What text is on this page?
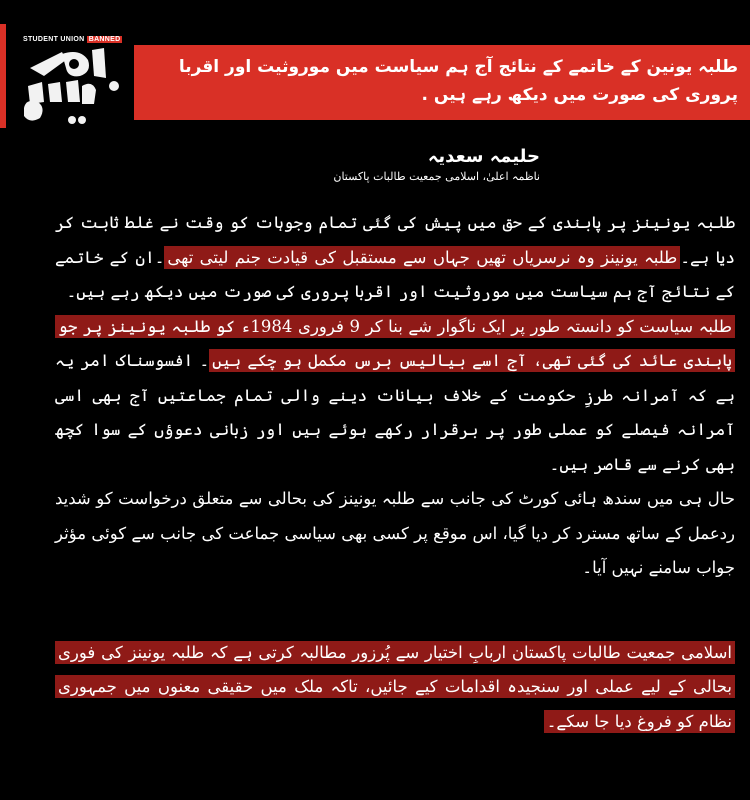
STUDENT UNION BANNED
طلبہ یونین کے خاتمے کے نتائج آج ہم سیاست میں موروثیت اور اقربا پروری کی صورت میں دیکھ رہے ہیں .
حلیمہ سعدیہ
ناظمہ اعلیٰ، اسلامی جمعیت طالبات پاکستان

طلبہ یونینز پر پابندی کے حق میں پیش کی گئی تمام وجوہات کو وقت نے غلط ثابت کر دیا ہے۔طلبہ یونینز وہ نرسریاں تھیں جہاں سے مستقبل کی قیادت جنم لیتی تھی۔ان کے خاتمے کے نتائج آج ہم سیاست میں موروثیت اور اقربا پروری کی صورت میں دیکھ رہے ہیں۔

طلبہ سیاست کو دانستہ طور پر ایک ناگوار شے بنا کر 9 فروری 1984ء کو طلبہ یونینز پر جو پابندی عائد کی گئی تھی، آج اسے بیالیس برس مکمل ہو چکے ہیں۔ افسوسناک امر یہ ہے کہ آمرانہ طرزِ حکومت کے خلاف بیانات دینے والی تمام جماعتیں آج بھی اسی آمرانہ فیصلے کو عملی طور پر برقرار رکھے ہوئے ہیں اور زبانی دعوؤں کے سوا کچھ بھی کرنے سے قاصر ہیں۔

حال ہی میں سندھ ہائی کورٹ کی جانب سے طلبہ یونینز کی بحالی سے متعلق درخواست کو شدید ردعمل کے ساتھ مسترد کر دیا گیا، اس موقع پر کسی بھی سیاسی جماعت کی جانب سے کوئی مؤثر جواب سامنے نہیں آیا۔

اسلامی جمعیت طالبات پاکستان اربابِ اختیار سے پُرزور مطالبہ کرتی ہے کہ طلبہ یونینز کی فوری بحالی کے لیے عملی اور سنجیدہ اقدامات کیے جائیں، تاکہ ملک میں حقیقی معنوں میں جمہوری نظام کو فروغ دیا جا سکے۔
